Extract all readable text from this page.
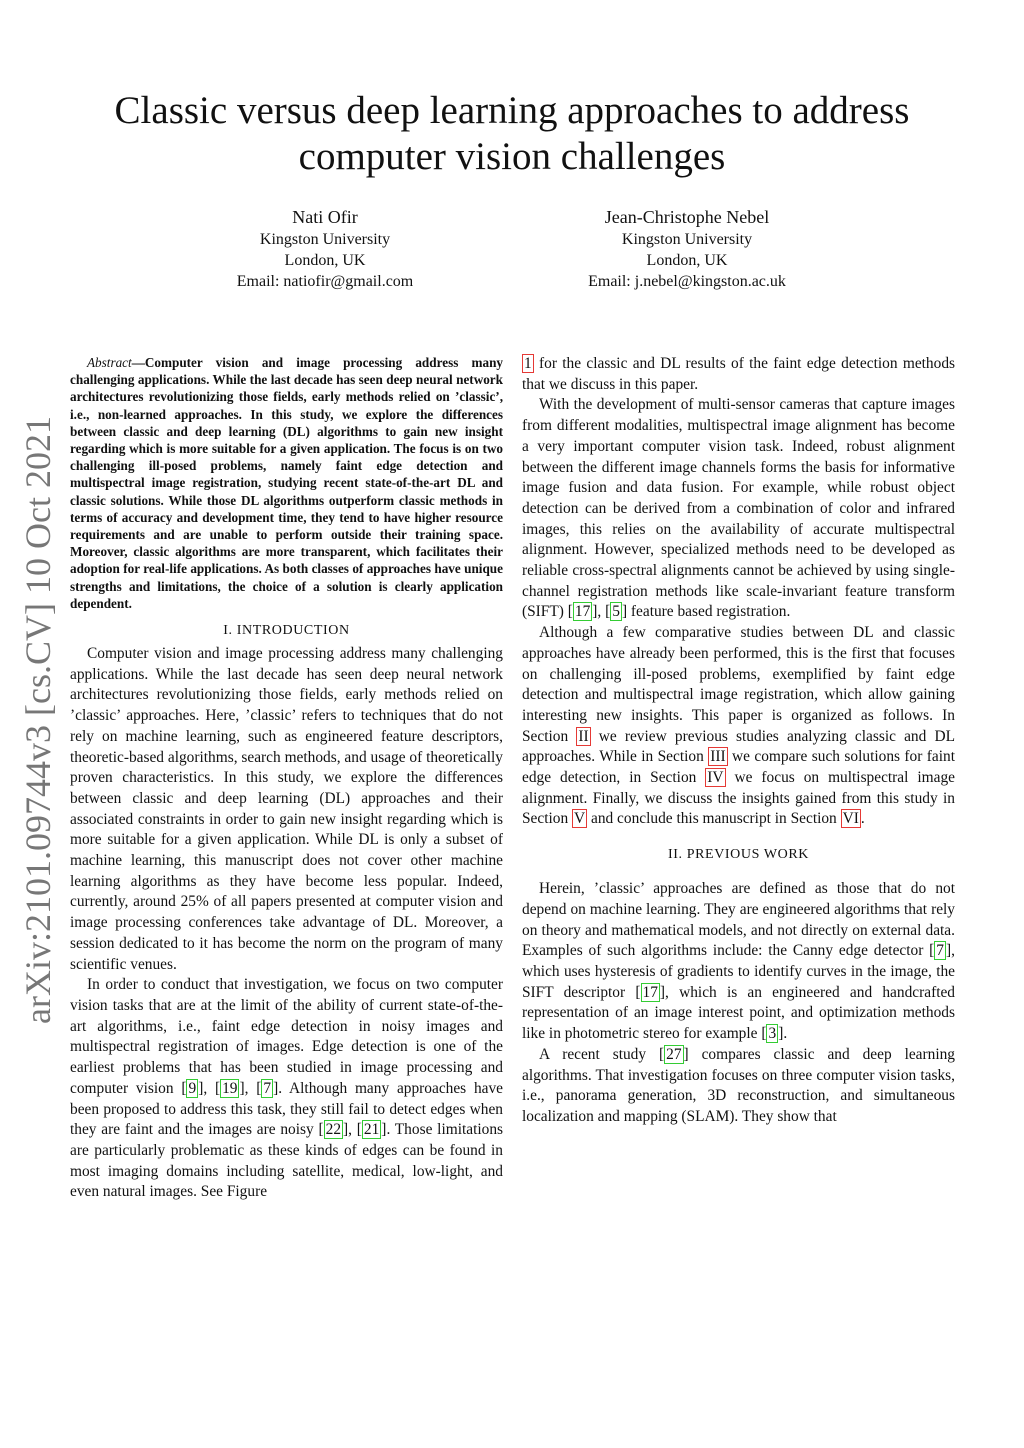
Classic versus deep learning approaches to address computer vision challenges
Nati Ofir
Kingston University
London, UK
Email: natiofir@gmail.com
Jean-Christophe Nebel
Kingston University
London, UK
Email: j.nebel@kingston.ac.uk
arXiv:2101.09744v3 [cs.CV] 10 Oct 2021

Abstract—Computer vision and image processing address many challenging applications. While the last decade has seen deep neural network architectures revolutionizing those fields, early methods relied on ’classic’, i.e., non-learned approaches. In this study, we explore the differences between classic and deep learning (DL) algorithms to gain new insight regarding which is more suitable for a given application. The focus is on two challenging ill-posed problems, namely faint edge detection and multispectral image registration, studying recent state-of-the-art DL and classic solutions. While those DL algorithms outperform classic methods in terms of accuracy and development time, they tend to have higher resource requirements and are unable to perform outside their training space. Moreover, classic algorithms are more transparent, which facilitates their adoption for real-life applications. As both classes of approaches have unique strengths and limitations, the choice of a solution is clearly application dependent.

I. INTRODUCTION

Computer vision and image processing address many challenging applications. While the last decade has seen deep neural network architectures revolutionizing those fields, early methods relied on ’classic’ approaches. Here, ’classic’ refers to techniques that do not rely on machine learning, such as engineered feature descriptors, theoretic-based algorithms, search methods, and usage of theoretically proven characteristics. In this study, we explore the differences between classic and deep learning (DL) approaches and their associated constraints in order to gain new insight regarding which is more suitable for a given application. While DL is only a subset of machine learning, this manuscript does not cover other machine learning algorithms as they have become less popular. Indeed, currently, around 25% of all papers presented at computer vision and image processing conferences take advantage of DL. Moreover, a session dedicated to it has become the norm on the program of many scientific venues.

In order to conduct that investigation, we focus on two computer vision tasks that are at the limit of the ability of current state-of-the-art algorithms, i.e., faint edge detection in noisy images and multispectral registration of images. Edge detection is one of the earliest problems that has been studied in image processing and computer vision [ 9 ], [ 19 ], [ 7 ]. Although many approaches have been proposed to address this task, they still fail to detect edges when they are faint and the images are noisy [ 22 ], [ 21 ]. Those limitations are particularly problematic as these kinds of edges can be found in most imaging domains including satellite, medical, low-light, and even natural images. See Figure

1 for the classic and DL results of the faint edge detection methods that we discuss in this paper.

With the development of multi-sensor cameras that capture images from different modalities, multispectral image alignment has become a very important computer vision task. Indeed, robust alignment between the different image channels forms the basis for informative image fusion and data fusion. For example, while robust object detection can be derived from a combination of color and infrared images, this relies on the availability of accurate multispectral alignment. However, specialized methods need to be developed as reliable cross-spectral alignments cannot be achieved by using single-channel registration methods like scale-invariant feature transform (SIFT) [ 17 ], [ 5 ] feature based registration.

Although a few comparative studies between DL and classic approaches have already been performed, this is the first that focuses on challenging ill-posed problems, exemplified by faint edge detection and multispectral image registration, which allow gaining interesting new insights. This paper is organized as follows. In Section II we review previous studies analyzing classic and DL approaches. While in Section III we compare such solutions for faint edge detection, in Section IV we focus on multispectral image alignment. Finally, we discuss the insights gained from this study in Section V and conclude this manuscript in Section VI .

II. PREVIOUS WORK

Herein, ’classic’ approaches are defined as those that do not depend on machine learning. They are engineered algorithms that rely on theory and mathematical models, and not directly on external data. Examples of such algorithms include: the Canny edge detector [ 7 ], which uses hysteresis of gradients to identify curves in the image, the SIFT descriptor [ 17 ], which is an engineered and handcrafted representation of an image interest point, and optimization methods like in photometric stereo for example [ 3 ].

A recent study [ 27 ] compares classic and deep learning algorithms. That investigation focuses on three computer vision tasks, i.e., panorama generation, 3D reconstruction, and simultaneous localization and mapping (SLAM). They show that
